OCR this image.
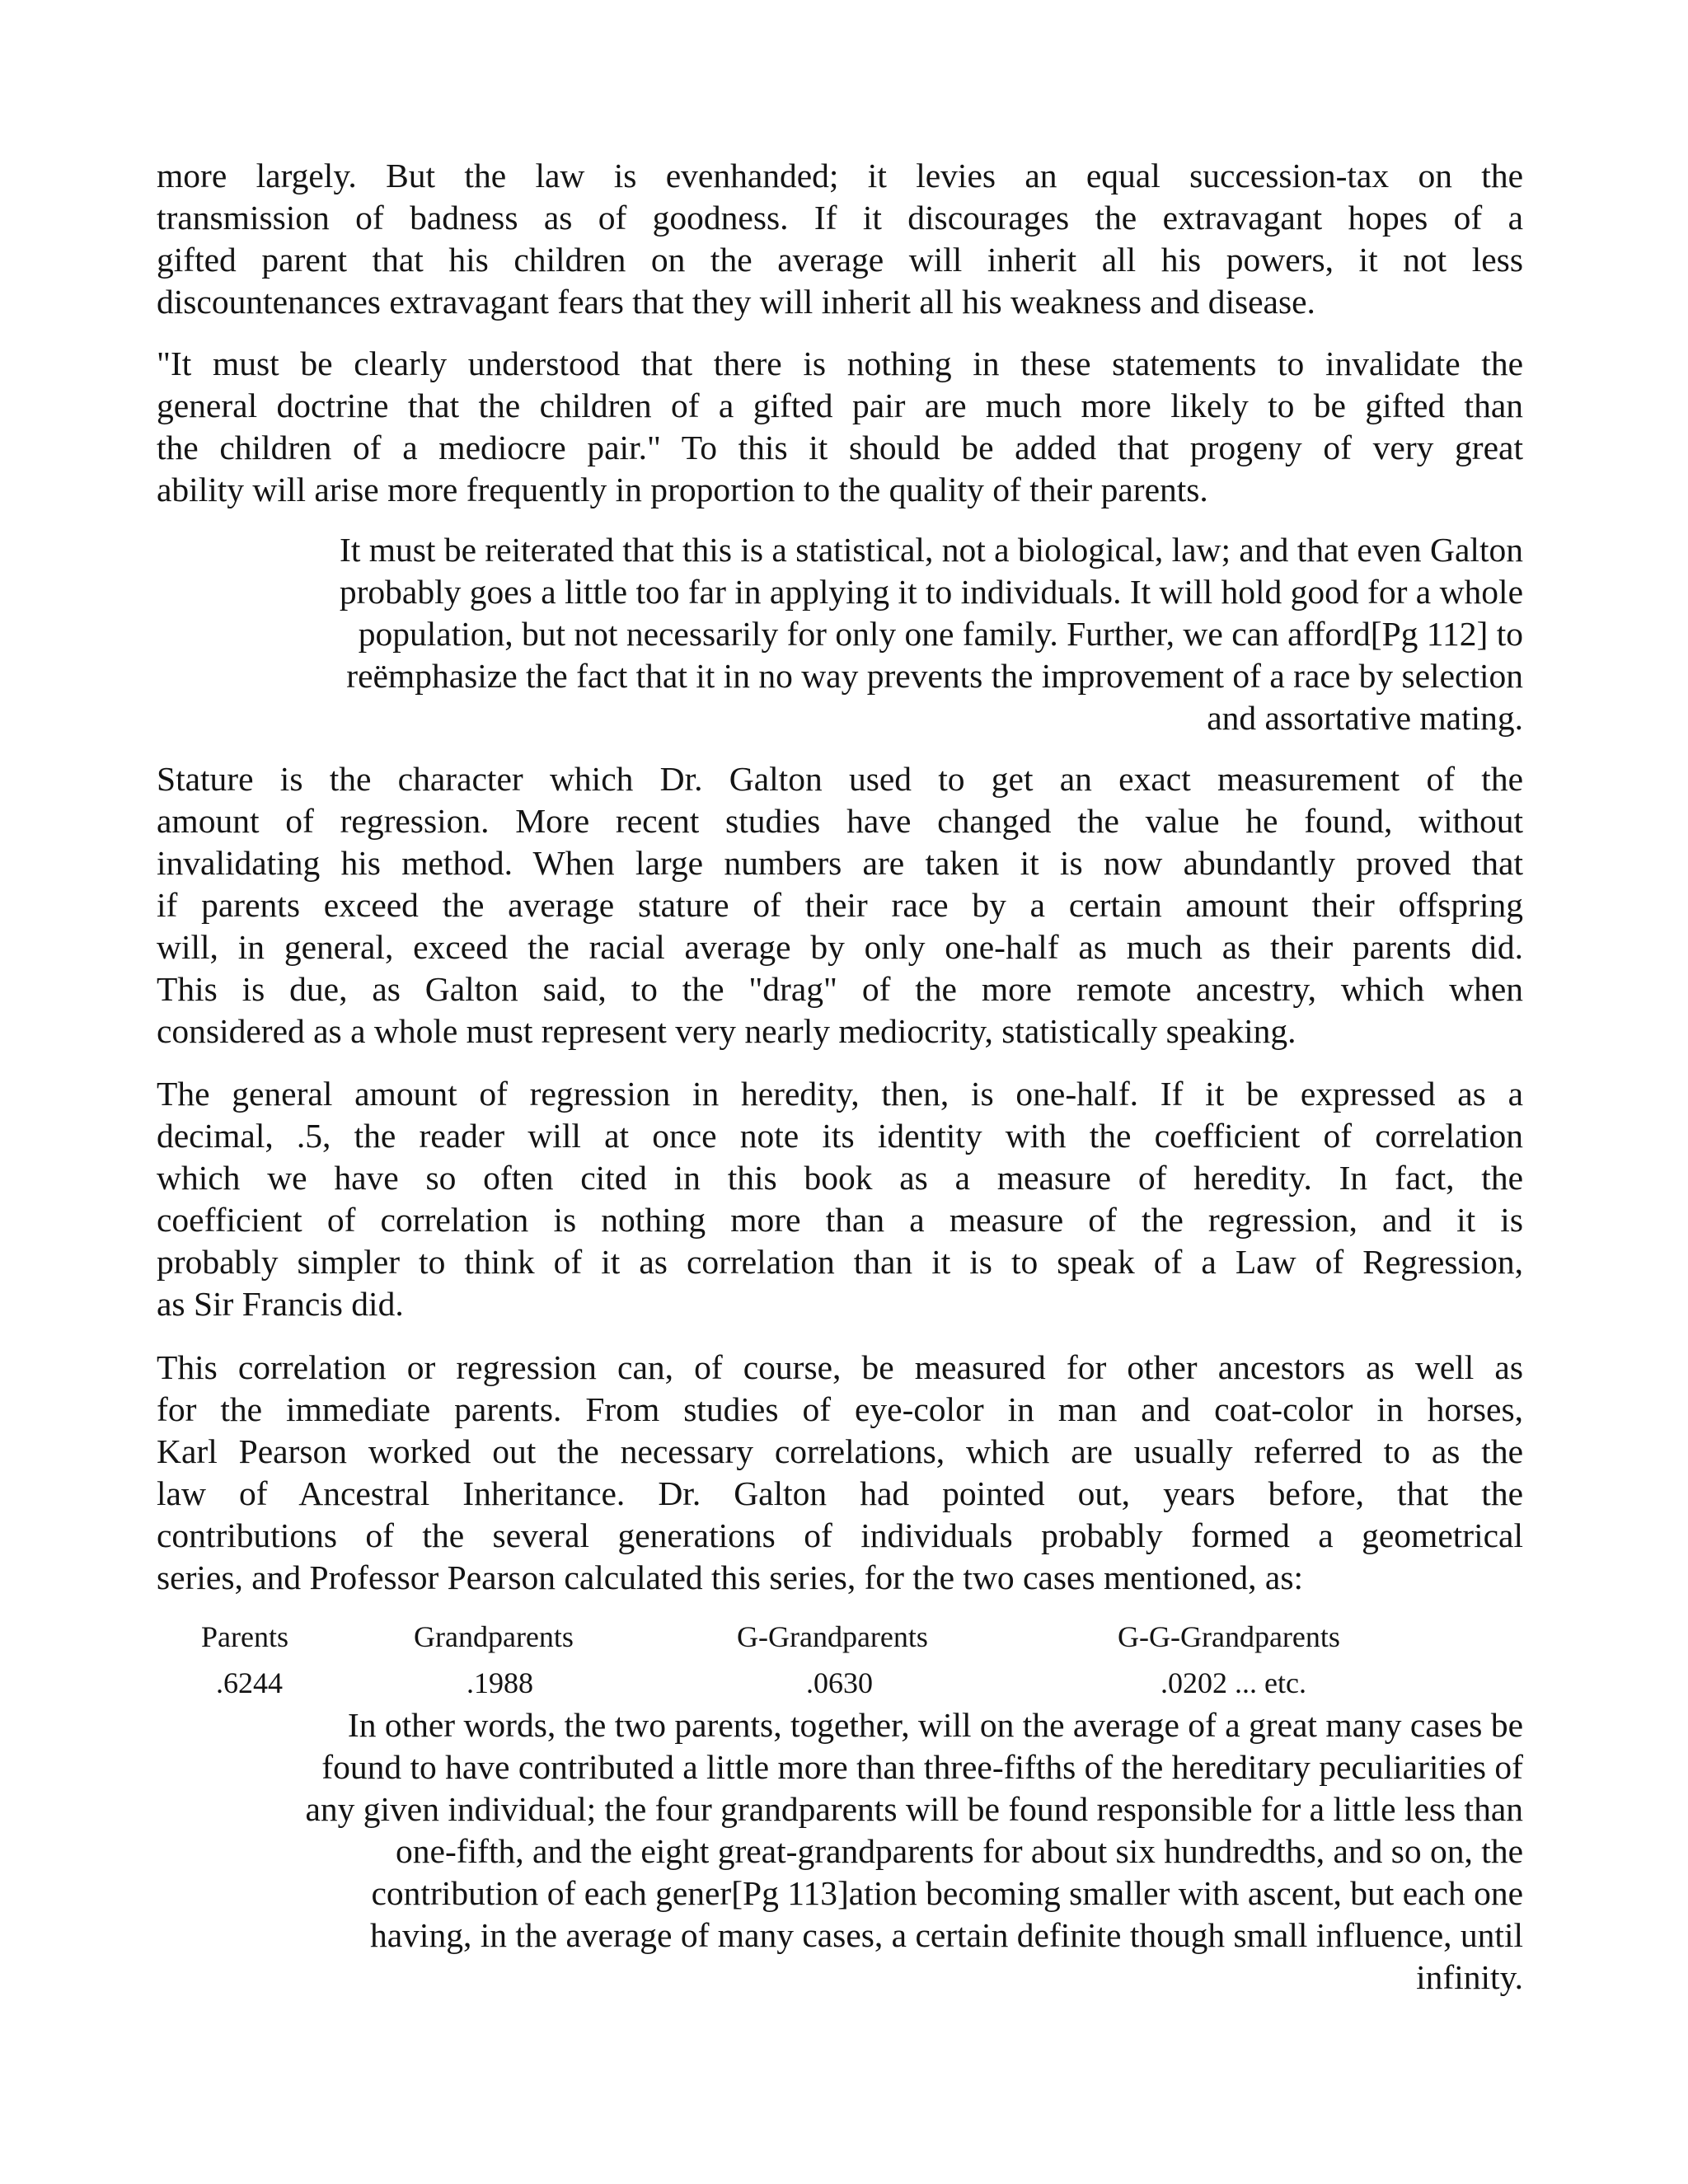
more largely. But the law is evenhanded; it levies an equal succession-tax on the
transmission of badness as of goodness. If it discourages the extravagant hopes of a
gifted parent that his children on the average will inherit all his powers, it not less
discountenances extravagant fears that they will inherit all his weakness and disease.
"It must be clearly understood that there is nothing in these statements to invalidate the
general doctrine that the children of a gifted pair are much more likely to be gifted than
the children of a mediocre pair." To this it should be added that progeny of very great
ability will arise more frequently in proportion to the quality of their parents.
It must be reiterated that this is a statistical, not a biological, law; and that even Galton
probably goes a little too far in applying it to individuals. It will hold good for a whole
population, but not necessarily for only one family. Further, we can afford[Pg 112] to
reëmphasize the fact that it in no way prevents the improvement of a race by selection
and assortative mating.
Stature is the character which Dr. Galton used to get an exact measurement of the
amount of regression. More recent studies have changed the value he found, without
invalidating his method. When large numbers are taken it is now abundantly proved that
if parents exceed the average stature of their race by a certain amount their offspring
will, in general, exceed the racial average by only one-half as much as their parents did.
This is due, as Galton said, to the "drag" of the more remote ancestry, which when
considered as a whole must represent very nearly mediocrity, statistically speaking.
The general amount of regression in heredity, then, is one-half. If it be expressed as a
decimal, .5, the reader will at once note its identity with the coefficient of correlation
which we have so often cited in this book as a measure of heredity. In fact, the
coefficient of correlation is nothing more than a measure of the regression, and it is
probably simpler to think of it as correlation than it is to speak of a Law of Regression,
as Sir Francis did.
This correlation or regression can, of course, be measured for other ancestors as well as
for the immediate parents. From studies of eye-color in man and coat-color in horses,
Karl Pearson worked out the necessary correlations, which are usually referred to as the
law of Ancestral Inheritance. Dr. Galton had pointed out, years before, that the
contributions of the several generations of individuals probably formed a geometrical
series, and Professor Pearson calculated this series, for the two cases mentioned, as:
Parents	Grandparents	G-Grandparents	G-G-Grandparents
.6244	.1988	.0630	.0202 ... etc.
In other words, the two parents, together, will on the average of a great many cases be
found to have contributed a little more than three-fifths of the hereditary peculiarities of
any given individual; the four grandparents will be found responsible for a little less than
one-fifth, and the eight great-grandparents for about six hundredths, and so on, the
contribution of each gener[Pg 113]ation becoming smaller with ascent, but each one
having, in the average of many cases, a certain definite though small influence, until
infinity.
